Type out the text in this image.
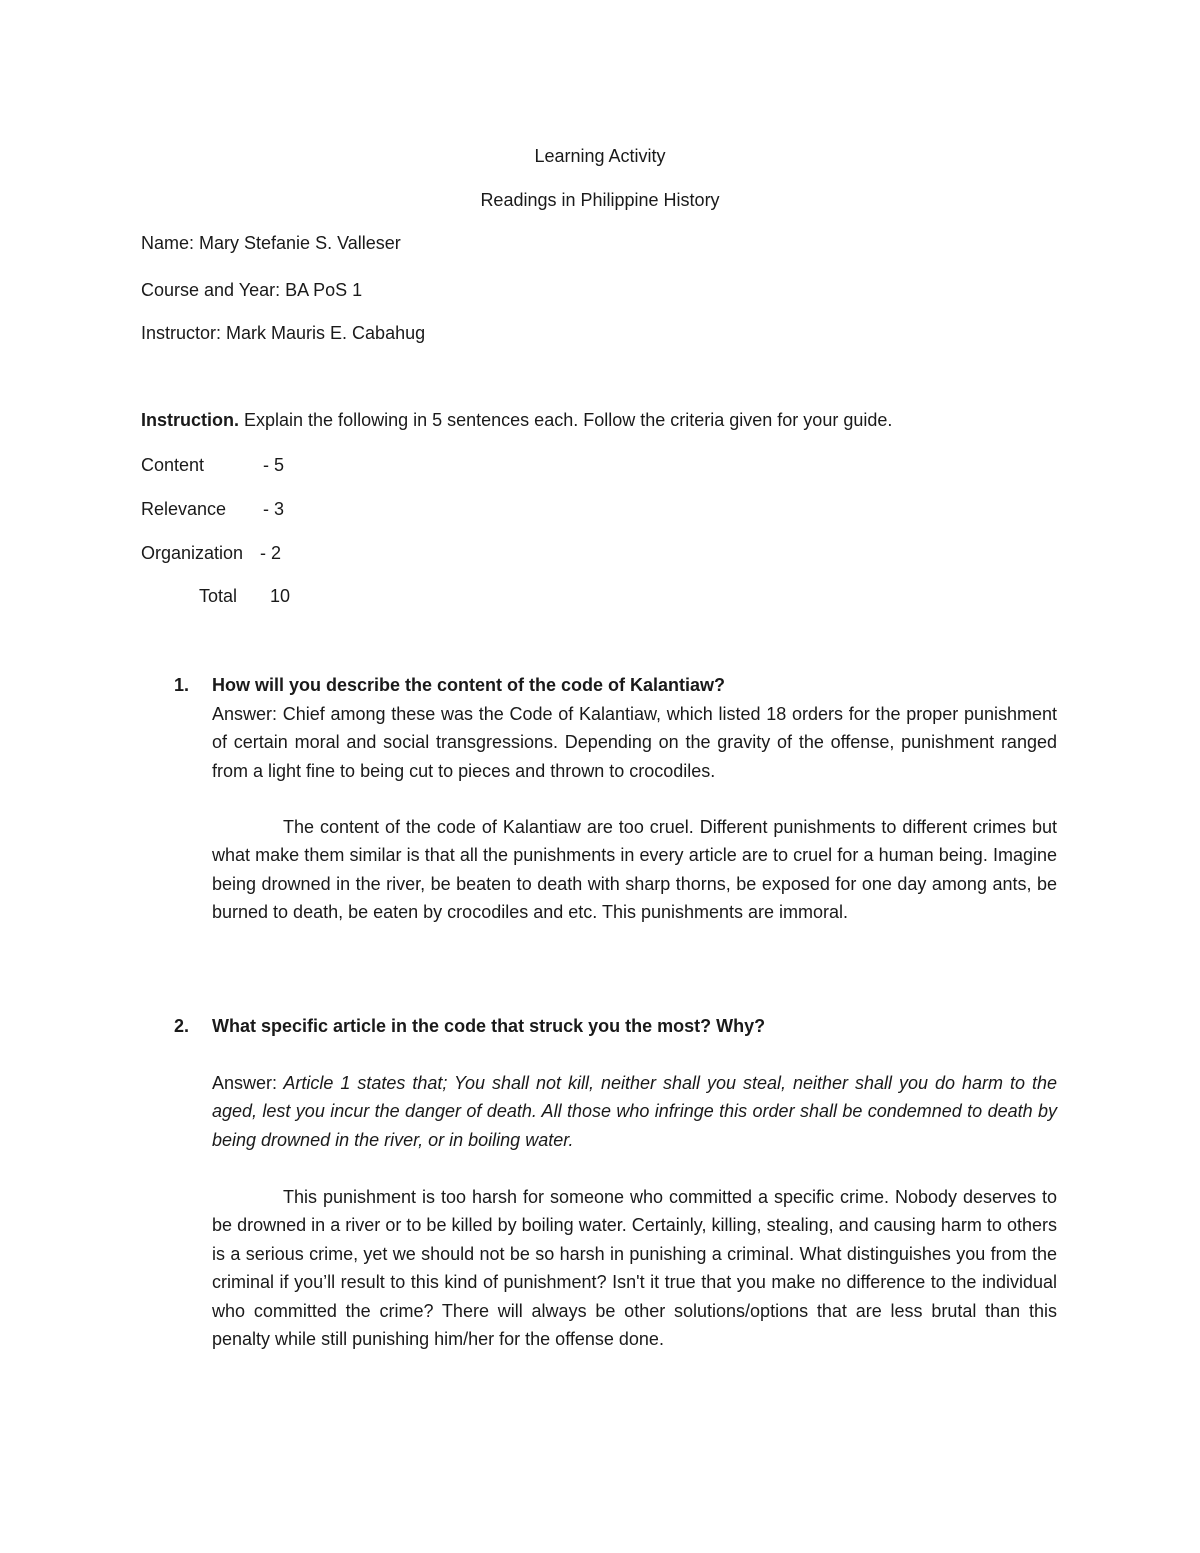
Learning Activity
Readings in Philippine History
Name: Mary Stefanie S. Valleser
Course and Year: BA PoS 1
Instructor: Mark Mauris E. Cabahug
Instruction. Explain the following in 5 sentences each. Follow the criteria given for your guide.
Content	- 5
Relevance - 3
Organization - 2
Total 10
1. How will you describe the content of the code of Kalantiaw?

Answer: Chief among these was the Code of Kalantiaw, which listed 18 orders for the proper punishment of certain moral and social transgressions. Depending on the gravity of the offense, punishment ranged from a light fine to being cut to pieces and thrown to crocodiles.

The content of the code of Kalantiaw are too cruel. Different punishments to different crimes but what make them similar is that all the punishments in every article are to cruel for a human being. Imagine being drowned in the river, be beaten to death with sharp thorns, be exposed for one day among ants, be burned to death, be eaten by crocodiles and etc. This punishments are immoral.

2. What specific article in the code that struck you the most? Why?

Answer: Article 1 states that; You shall not kill, neither shall you steal, neither shall you do harm to the aged, lest you incur the danger of death. All those who infringe this order shall be condemned to death by being drowned in the river, or in boiling water.

This punishment is too harsh for someone who committed a specific crime. Nobody deserves to be drowned in a river or to be killed by boiling water. Certainly, killing, stealing, and causing harm to others is a serious crime, yet we should not be so harsh in punishing a criminal. What distinguishes you from the criminal if you’ll result to this kind of punishment? Isn't it true that you make no difference to the individual who committed the crime? There will always be other solutions/options that are less brutal than this penalty while still punishing him/her for the offense done.
